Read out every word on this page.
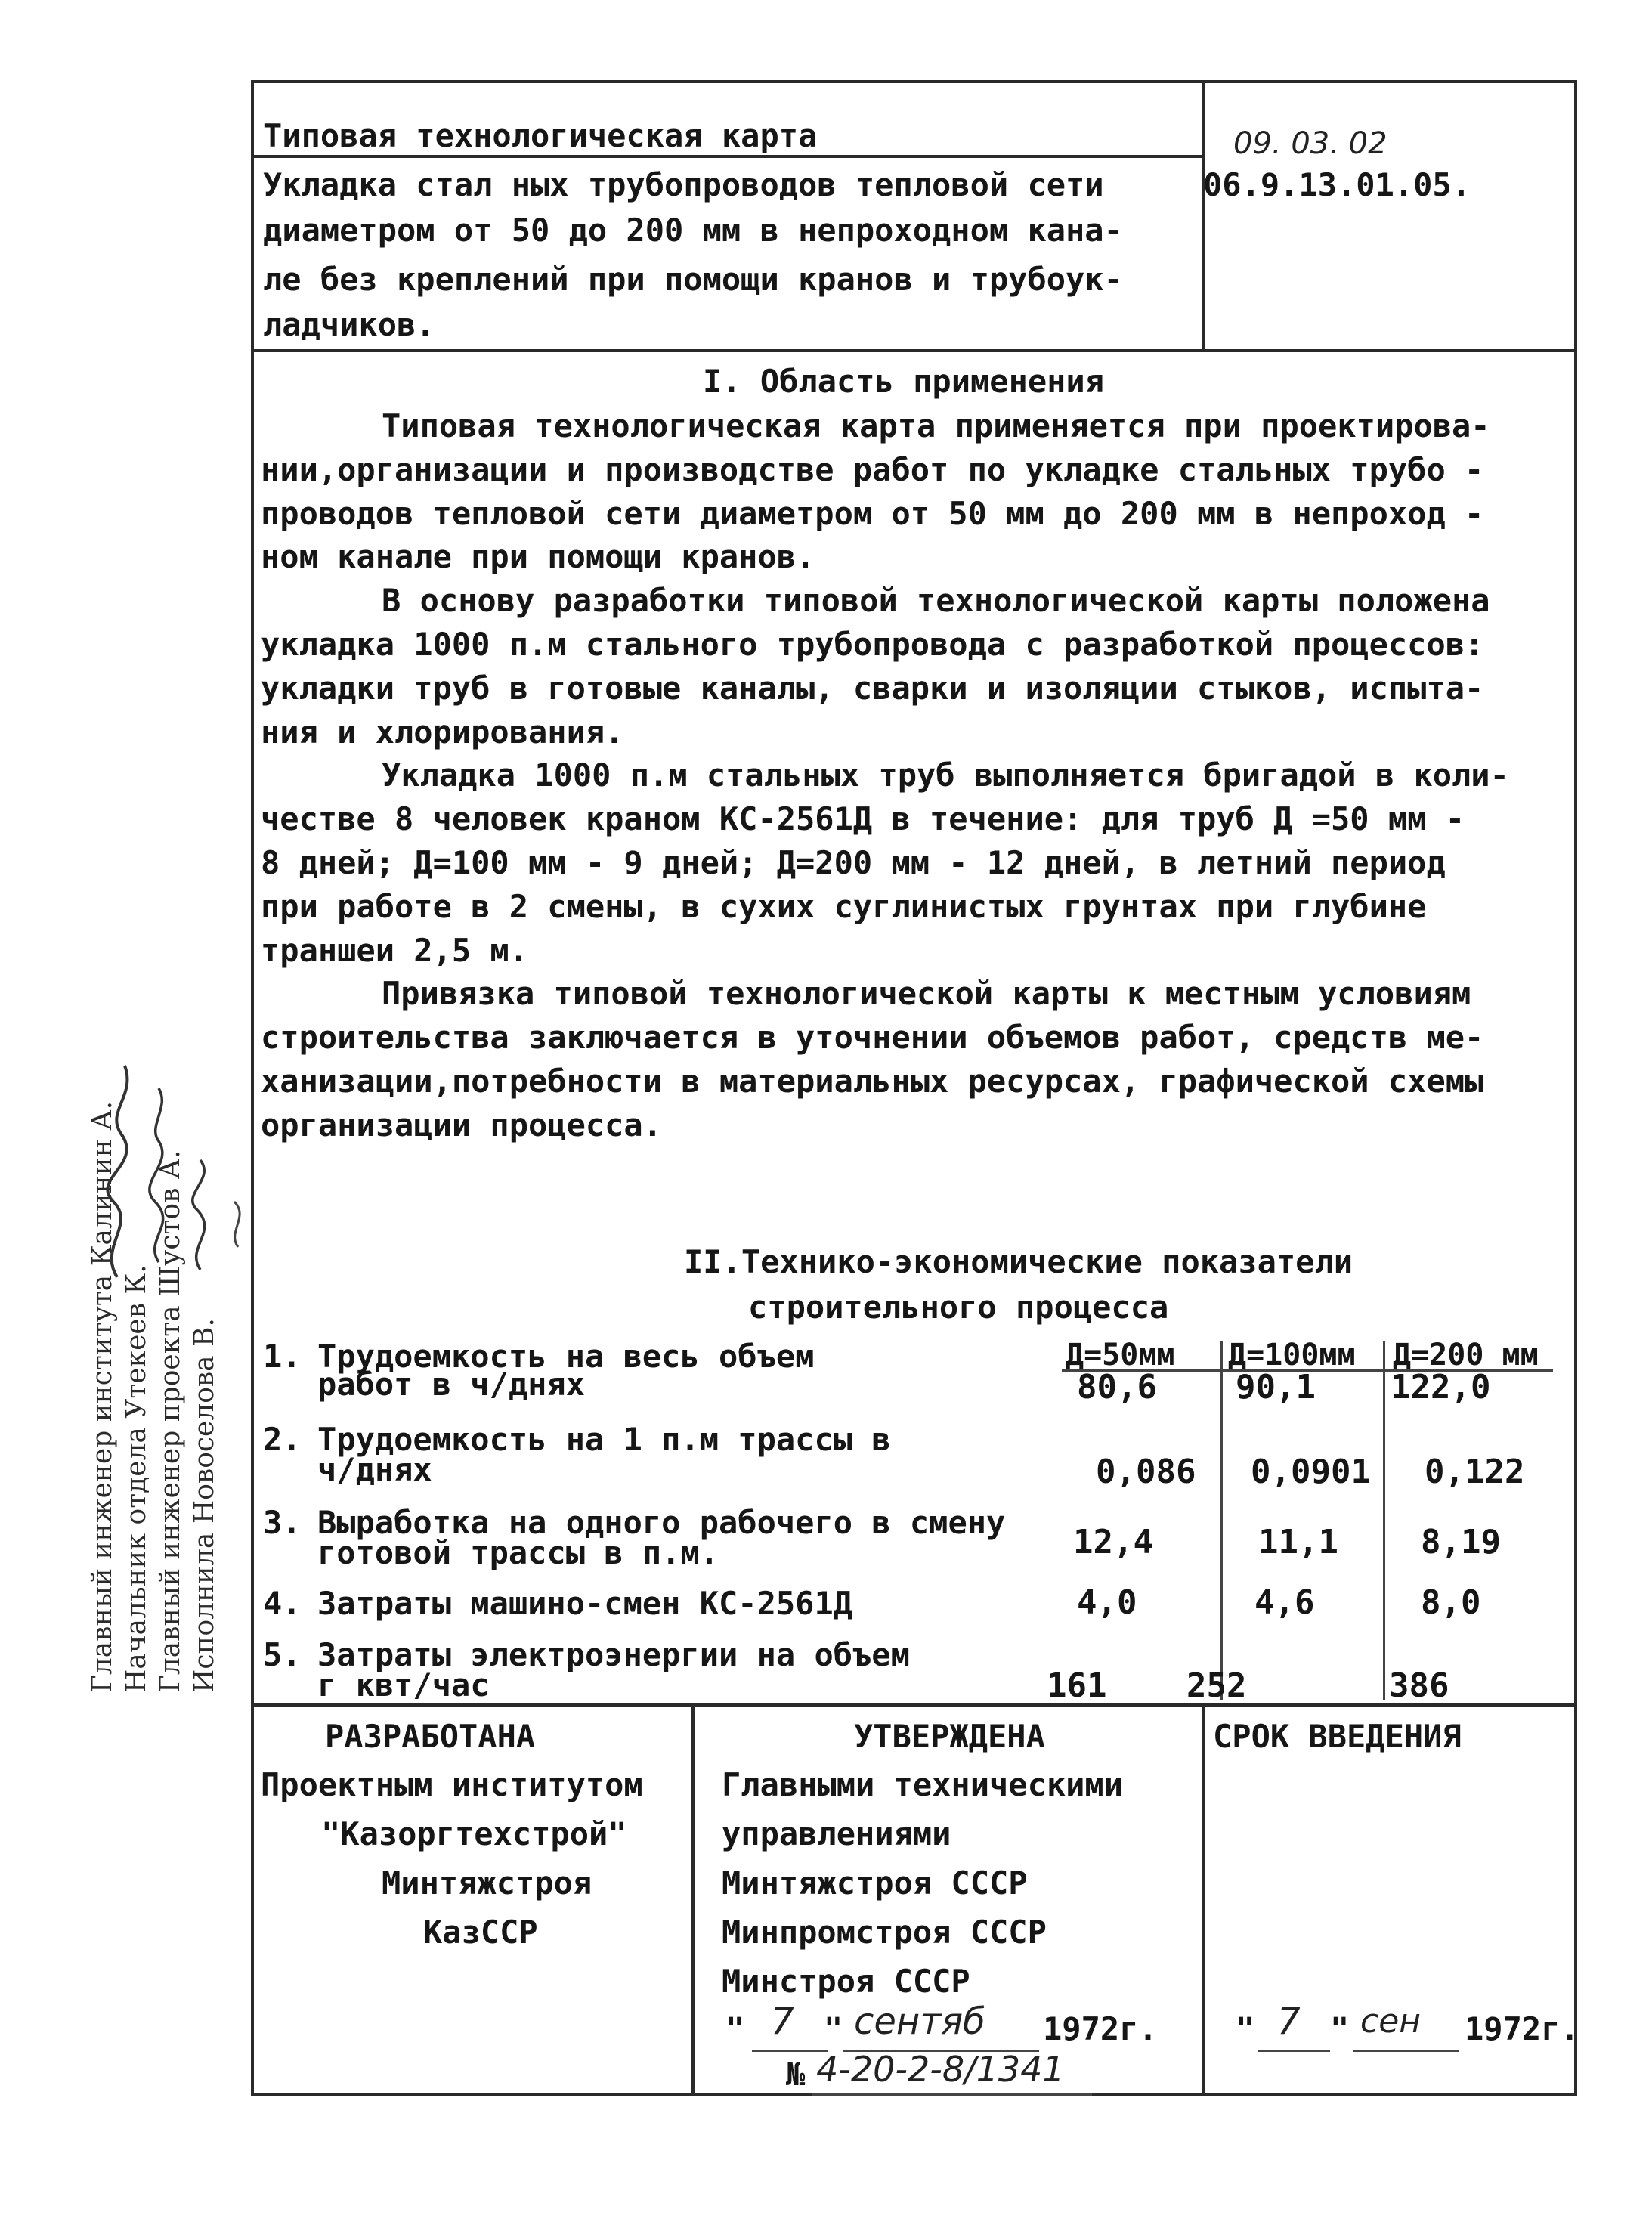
Типовая технологическая карта
Укладка стал ных трубопроводов тепловой сети
диаметром от 50 до 200 мм в непроходном кана-
ле без креплений при помощи кранов и трубоук-
ладчиков.
09. 03. 02
06.9.13.01.05.
I. Область применения
Типовая технологическая карта применяется при проектирова-
нии,организации и производстве работ по укладке стальных трубо -
проводов тепловой сети диаметром от 50 мм до 200 мм в непроход -
ном канале при помощи кранов.
В основу разработки типовой технологической карты положена
укладка 1000 п.м стального трубопровода с разработкой процессов:
укладки труб в готовые каналы, сварки и изоляции стыков, испыта-
ния и хлорирования.
Укладка 1000 п.м стальных труб выполняется бригадой в коли-
честве 8 человек краном КС-2561Д в течение: для труб Д =50 мм -
8 дней; Д=100 мм - 9 дней; Д=200 мм - 12 дней, в летний период
при работе в 2 смены, в сухих суглинистых грунтах при глубине
траншеи 2,5 м.
Привязка типовой технологической карты к местным условиям
строительства заключается в уточнении объемов работ, средств ме-
ханизации,потребности в материальных ресурсах, графической схемы
организации процесса.
II.Технико-экономические показатели
строительного процесса
Д=50мм Д=100мм Д=200 мм
1. Трудоемкость на весь объем
работ в ч/днях	80,6 90,1 122,0
2. Трудоемкость на 1 п.м трассы в
ч/днях	0,086 0,0901 0,122
3. Выработка на одного рабочего в смену
готовой трассы в п.м.	12,4	11,1 8,19
4. Затраты машино-смен КС-2561Д	4,0	4,6	8,0
5. Затраты электроэнергии на объем
г квт/час	161 252	386
РАЗРАБОТАНА
Проектным институтом
"Казоргтехстрой"
Минтяжстроя
КазССР
УТВЕРЖДЕНА
Главными техническими
управлениями
Минтяжстроя СССР
Минпромстроя СССР
Минстроя СССР
" 7 " сентяб 1972г.
№ 4-20-2-8/1341
СРОК ВВЕДЕНИЯ
" 7 " сен 1972г.
Главный инженер института Калинин А. Начальник отдела Утекеев К. Главный инженер проекта Шустов А. Исполнила Новоселова В.
